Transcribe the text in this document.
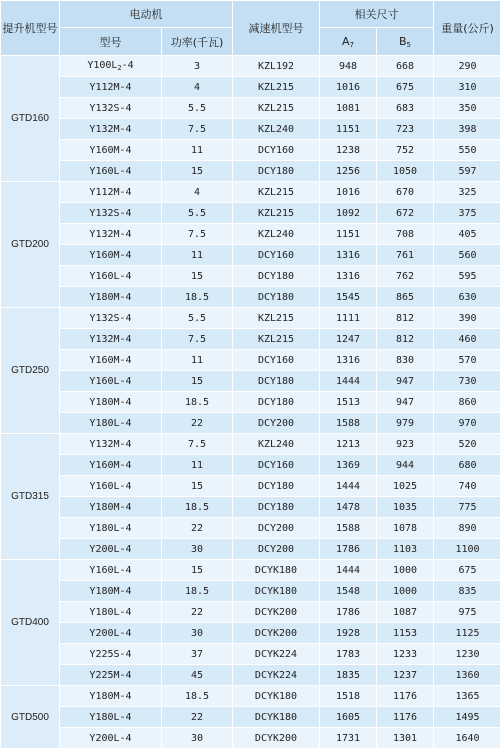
提升机型号	电动机		减速机型号	相关尺寸		重量(公斤)
	型号	功率(千瓦)		$A_7$	$B_5$
GTD160	$Y100L_2-4$	3	KZL192	948	668	290
	Y112M-4	4	KZL215	1016	675	310
	Y132S-4	5.5	KZL215	1081	683	350
	Y132M-4	7.5	KZL240	1151	723	398
	Y160M-4	11	DCY160	1238	752	550
	Y160L-4	15	DCY180	1256	1050	597
GTD200	Y112M-4	4	KZL215	1016	670	325
	Y132S-4	5.5	KZL215	1092	672	375
	Y132M-4	7.5	KZL240	1151	708	405
	Y160M-4	11	DCY160	1316	761	560
	Y160L-4	15	DCY180	1316	762	595
	Y180M-4	18.5	DCY180	1545	865	630
GTD250	Y132S-4	5.5	KZL215	1111	812	390
	Y132M-4	7.5	KZL215	1247	812	460
	Y160M-4	11	DCY160	1316	830	570
	Y160L-4	15	DCY180	1444	947	730
	Y180M-4	18.5	DCY180	1513	947	860
	Y180L-4	22	DCY200	1588	979	970
GTD315	Y132M-4	7.5	KZL240	1213	923	520
	Y160M-4	11	DCY160	1369	944	680
	Y160L-4	15	DCY180	1444	1025	740
	Y180M-4	18.5	DCY180	1478	1035	775
	Y180L-4	22	DCY200	1588	1078	890
	Y200L-4	30	DCY200	1786	1103	1100
GTD400	Y160L-4	15	DCYK180	1444	1000	675
	Y180M-4	18.5	DCYK180	1548	1000	835
	Y180L-4	22	DCYK200	1786	1087	975
	Y200L-4	30	DCYK200	1928	1153	1125
	Y225S-4	37	DCYK224	1783	1233	1230
	Y225M-4	45	DCYK224	1835	1237	1360
GTD500	Y180M-4	18.5	DCYK180	1518	1176	1365
	Y180L-4	22	DCYK180	1605	1176	1495
	Y200L-4	30	DCYK200	1731	1301	1640
